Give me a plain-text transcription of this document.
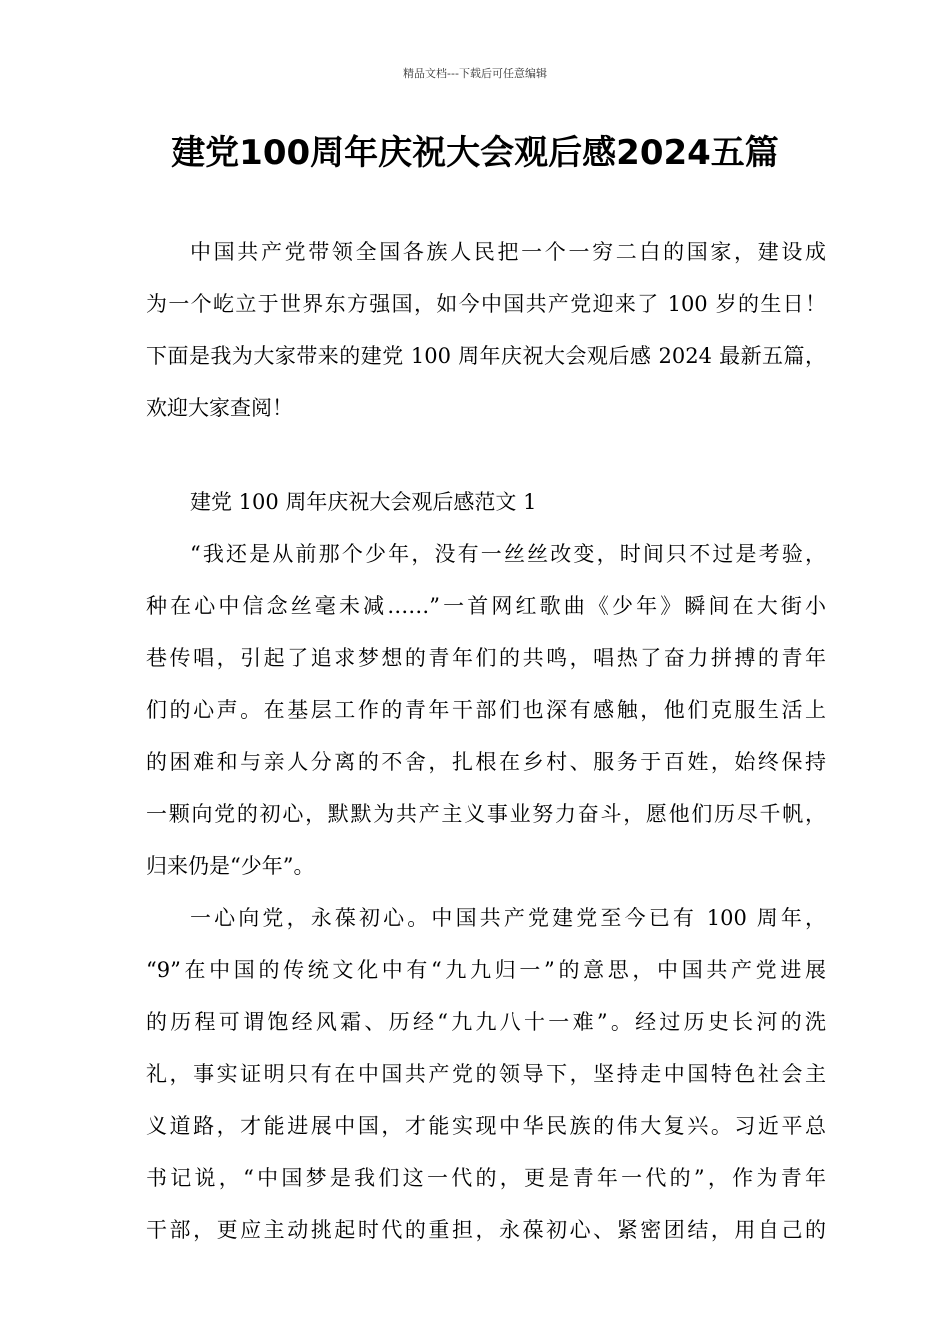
精品文档---下载后可任意编辑
建党100周年庆祝大会观后感2024五篇
中国共产党带领全国各族人民把一个一穷二白的国家，建设成
为一个屹立于世界东方强国，如今中国共产党迎来了 100 岁的生日！
下面是我为大家带来的建党 100 周年庆祝大会观后感 2024 最新五篇，
欢迎大家查阅！
建党 100 周年庆祝大会观后感范文 1
“我还是从前那个少年，没有一丝丝改变，时间只不过是考验，
种在心中信念丝毫未减……”一首网红歌曲《少年》瞬间在大街小
巷传唱，引起了追求梦想的青年们的共鸣，唱热了奋力拼搏的青年
们的心声。在基层工作的青年干部们也深有感触，他们克服生活上
的困难和与亲人分离的不舍，扎根在乡村、服务于百姓，始终保持
一颗向党的初心，默默为共产主义事业努力奋斗，愿他们历尽千帆，
归来仍是“少年”。
一心向党，永葆初心。中国共产党建党至今已有 100 周年，
“9”在中国的传统文化中有“九九归一”的意思，中国共产党进展
的历程可谓饱经风霜、历经“九九八十一难”。经过历史长河的洗
礼，事实证明只有在中国共产党的领导下，坚持走中国特色社会主
义道路，才能进展中国，才能实现中华民族的伟大复兴。习近平总
书记说，“中国梦是我们这一代的，更是青年一代的”，作为青年
干部，更应主动挑起时代的重担，永葆初心、紧密团结，用自己的
